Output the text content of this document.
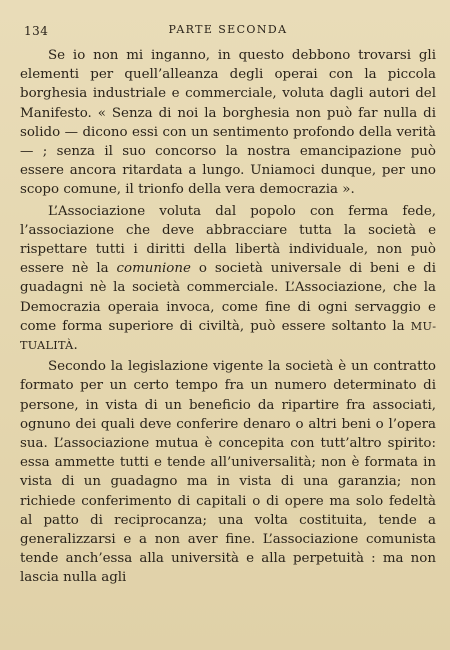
134	PARTE SECONDA

Se io non mi inganno, in questo debbono trovarsi gli elementi per quell’alleanza degli operai con la piccola borghesia industriale e commerciale, voluta dagli autori del Manifesto. « Senza di noi la borghesia non può far nulla di solido — dicono essi con un sentimento profondo della verità — ; senza il suo concorso la nostra emancipazione può essere ancora ritardata a lungo. Uniamoci dunque, per uno scopo comune, il trionfo della vera democrazia ».

L’Associazione voluta dal popolo con ferma fede, l’associazione che deve abbracciare tutta la società e rispettare tutti i diritti della libertà individuale, non può essere nè la comunione o società universale di beni e di guadagni nè la società commerciale. L’Associazione, che la Democrazia operaia invoca, come fine di ogni servaggio e come forma superiore di civiltà, può essere soltanto la MUTUALITÀ.

Secondo la legislazione vigente la società è un contratto formato per un certo tempo fra un numero determinato di persone, in vista di un beneficio da ripartire fra associati, ognuno dei quali deve conferire denaro o altri beni o l’opera sua. L’associazione mutua è concepita con tutt’altro spirito: essa ammette tutti e tende all’universalità; non è formata in vista di un guadagno ma in vista di una garanzia; non richiede conferimento di capitali o di opere ma solo fedeltà al patto di reciprocanza; una volta costituita, tende a generalizzarsi e a non aver fine. L’associazione comunista tende anch’essa alla università e alla perpetuità : ma non lascia nulla agli
